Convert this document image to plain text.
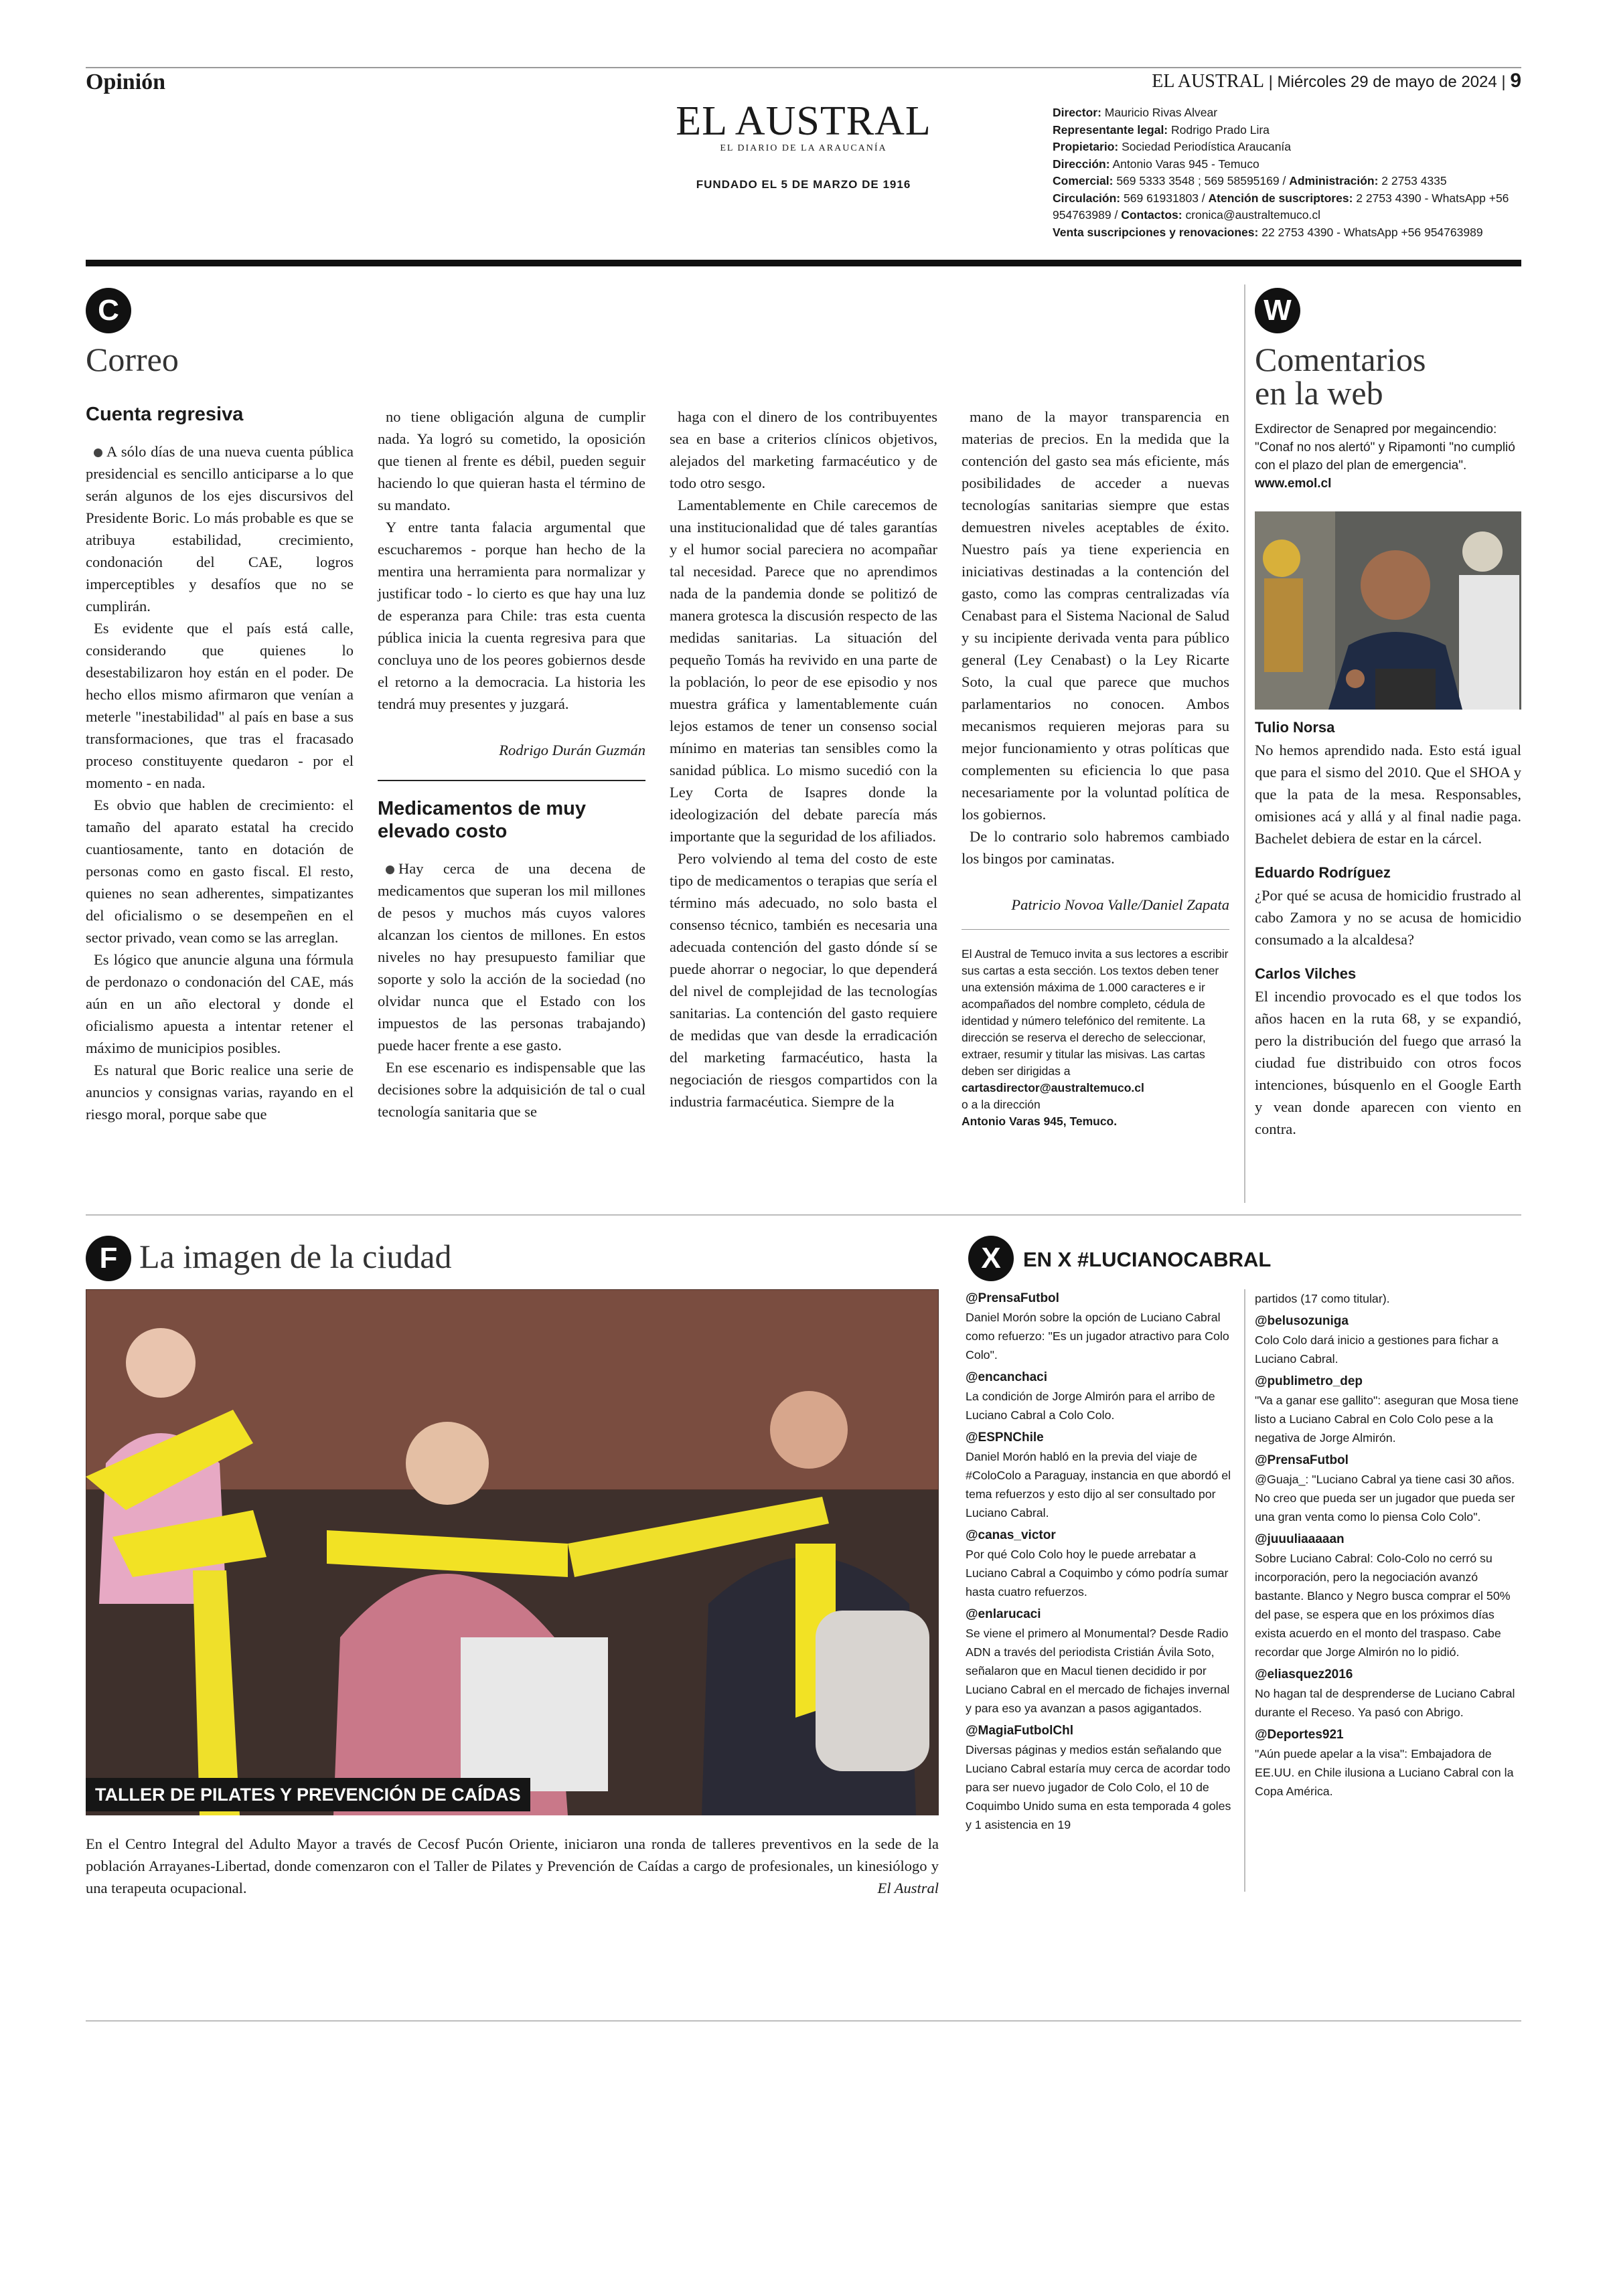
Opinión	EL AUSTRAL | Miércoles 29 de mayo de 2024 | 9
EL AUSTRAL
EL DIARIO DE LA ARAUCANÍA
FUNDADO EL 5 DE MARZO DE 1916
Director: Mauricio Rivas Alvear
Representante legal: Rodrigo Prado Lira
Propietario: Sociedad Periodística Araucanía
Dirección: Antonio Varas 945 - Temuco
Comercial: 569 5333 3548 ; 569 58595169 / Administración: 2 2753 4335
Circulación: 569 61931803 / Atención de suscriptores: 2 2753 4390 - WhatsApp +56 954763989 / Contactos: cronica@australtemuco.cl
Venta suscripciones y renovaciones: 22 2753 4390 - WhatsApp +56 954763989
C
Correo

Cuenta regresiva

A sólo días de una nueva cuenta pública presidencial es sencillo anticiparse a lo que serán algunos de los ejes discursivos del Presidente Boric. Lo más probable es que se atribuya estabilidad, crecimiento, condonación del CAE, logros imperceptibles y desafíos que no se cumplirán.

Es evidente que el país está calle, considerando que quienes lo desestabilizaron hoy están en el poder. De hecho ellos mismo afirmaron que venían a meterle "inestabilidad" al país en base a sus transformaciones, que tras el fracasado proceso constituyente quedaron - por el momento - en nada.

Es obvio que hablen de crecimiento: el tamaño del aparato estatal ha crecido cuantiosamente, tanto en dotación de personas como en gasto fiscal. El resto, quienes no sean adherentes, simpatizantes del oficialismo o se desempeñen en el sector privado, vean como se las arreglan.

Es lógico que anuncie alguna una fórmula de perdonazo o condonación del CAE, más aún en un año electoral y donde el oficialismo apuesta a intentar retener el máximo de municipios posibles.

Es natural que Boric realice una serie de anuncios y consignas varias, rayando en el riesgo moral, porque sabe que

no tiene obligación alguna de cumplir nada. Ya logró su cometido, la oposición que tienen al frente es débil, pueden seguir haciendo lo que quieran hasta el término de su mandato.

Y entre tanta falacia argumental que escucharemos - porque han hecho de la mentira una herramienta para normalizar y justificar todo - lo cierto es que hay una luz de esperanza para Chile: tras esta cuenta pública inicia la cuenta regresiva para que concluya uno de los peores gobiernos desde el retorno a la democracia. La historia les tendrá muy presentes y juzgará.

Rodrigo Durán Guzmán

Medicamentos de muy elevado costo

Hay cerca de una decena de medicamentos que superan los mil millones de pesos y muchos más cuyos valores alcanzan los cientos de millones. En estos niveles no hay presupuesto familiar que soporte y solo la acción de la sociedad (no olvidar nunca que el Estado con los impuestos de las personas trabajando) puede hacer frente a ese gasto.

En ese escenario es indispensable que las decisiones sobre la adquisición de tal o cual tecnología sanitaria que se

haga con el dinero de los contribuyentes sea en base a criterios clínicos objetivos, alejados del marketing farmacéutico y de todo otro sesgo.

Lamentablemente en Chile carecemos de una institucionalidad que dé tales garantías y el humor social pareciera no acompañar tal necesidad. Parece que no aprendimos nada de la pandemia donde se politizó de manera grotesca la discusión respecto de las medidas sanitarias. La situación del pequeño Tomás ha revivido en una parte de la población, lo peor de ese episodio y nos muestra gráfica y lamentablemente cuán lejos estamos de tener un consenso social mínimo en materias tan sensibles como la sanidad pública. Lo mismo sucedió con la Ley Corta de Isapres donde la ideologización del debate parecía más importante que la seguridad de los afiliados.

Pero volviendo al tema del costo de este tipo de medicamentos o terapias que sería el término más adecuado, no solo basta el consenso técnico, también es necesaria una adecuada contención del gasto dónde sí se puede ahorrar o negociar, lo que dependerá del nivel de complejidad de las tecnologías sanitarias. La contención del gasto requiere de medidas que van desde la erradicación del marketing farmacéutico, hasta la negociación de riesgos compartidos con la industria farmacéutica. Siempre de la

mano de la mayor transparencia en materias de precios. En la medida que la contención del gasto sea más eficiente, más posibilidades de acceder a nuevas tecnologías sanitarias siempre que estas demuestren niveles aceptables de éxito. Nuestro país ya tiene experiencia en iniciativas destinadas a la contención del gasto, como las compras centralizadas vía Cenabast para el Sistema Nacional de Salud y su incipiente derivada venta para público general (Ley Cenabast) o la Ley Ricarte Soto, la cual que parece que muchos parlamentarios no conocen. Ambos mecanismos requieren mejoras para su mejor funcionamiento y otras políticas que complementen su eficiencia lo que pasa necesariamente por la voluntad política de los gobiernos.

De lo contrario solo habremos cambiado los bingos por caminatas.

Patricio Novoa Valle/Daniel Zapata

El Austral de Temuco invita a sus lectores a escribir sus cartas a esta sección. Los textos deben tener una extensión máxima de 1.000 caracteres e ir acompañados del nombre completo, cédula de identidad y número telefónico del remitente. La dirección se reserva el derecho de seleccionar, extraer, resumir y titular las misivas. Las cartas deben ser dirigidas a
cartasdirector@australtemuco.cl
o a la dirección
Antonio Varas 945, Temuco.
W
Comentarios
en la web
Exdirector de Senapred por megaincendio: "Conaf no nos alertó" y Ripamonti "no cumplió con el plazo del plan de emergencia". www.emol.cl
Tulio Norsa
No hemos aprendido nada. Esto está igual que para el sismo del 2010. Que el SHOA y que la pata de la mesa. Responsables, omisiones acá y allá y al final nadie paga. Bachelet debiera de estar en la cárcel.
Eduardo Rodríguez
¿Por qué se acusa de homicidio frustrado al cabo Zamora y no se acusa de homicidio consumado a la alcaldesa?
Carlos Vilches
El incendio provocado es el que todos los años hacen en la ruta 68, y se expandió, pero la distribución del fuego que arrasó la ciudad fue distribuido con otros focos intenciones, búsquenlo en el Google Earth y vean donde aparecen con viento en contra.
F La imagen de la ciudad
TALLER DE PILATES Y PREVENCIÓN DE CAÍDAS
En el Centro Integral del Adulto Mayor a través de Cecosf Pucón Oriente, iniciaron una ronda de talleres preventivos en la sede de la población Arrayanes-Libertad, donde comenzaron con el Taller de Pilates y Prevención de Caídas a cargo de profesionales, un kinesiólogo y una terapeuta ocupacional.	El Austral
X	EN X #LUCIANOCABRAL
@PrensaFutbol
Daniel Morón sobre la opción de Luciano Cabral como refuerzo: "Es un jugador atractivo para Colo Colo".
@encanchaci
La condición de Jorge Almirón para el arribo de Luciano Cabral a Colo Colo.
@ESPNChile
Daniel Morón habló en la previa del viaje de #ColoColo a Paraguay, instancia en que abordó el tema refuerzos y esto dijo al ser consultado por Luciano Cabral.
@canas_victor
Por qué Colo Colo hoy le puede arrebatar a Luciano Cabral a Coquimbo y cómo podría sumar hasta cuatro refuerzos.
@enlarucaci
Se viene el primero al Monumental? Desde Radio ADN a través del periodista Cristián Ávila Soto, señalaron que en Macul tienen decidido ir por Luciano Cabral en el mercado de fichajes invernal y para eso ya avanzan a pasos agigantados.
@MagiaFutbolChl
Diversas páginas y medios están señalando que Luciano Cabral estaría muy cerca de acordar todo para ser nuevo jugador de Colo Colo, el 10 de Coquimbo Unido suma en esta temporada 4 goles y 1 asistencia en 19
partidos (17 como titular).
@belusozuniga
Colo Colo dará inicio a gestiones para fichar a Luciano Cabral.
@publimetro_dep
"Va a ganar ese gallito": aseguran que Mosa tiene listo a Luciano Cabral en Colo Colo pese a la negativa de Jorge Almirón.
@PrensaFutbol
@Guaja_: "Luciano Cabral ya tiene casi 30 años. No creo que pueda ser un jugador que pueda ser una gran venta como lo piensa Colo Colo".
@juuuliaaaaan
Sobre Luciano Cabral: Colo-Colo no cerró su incorporación, pero la negociación avanzó bastante. Blanco y Negro busca comprar el 50% del pase, se espera que en los próximos días exista acuerdo en el monto del traspaso. Cabe recordar que Jorge Almirón no lo pidió.
@eliasquez2016
No hagan tal de desprenderse de Luciano Cabral durante el Receso. Ya pasó con Abrigo.
@Deportes921
"Aún puede apelar a la visa": Embajadora de EE.UU. en Chile ilusiona a Luciano Cabral con la Copa América.
